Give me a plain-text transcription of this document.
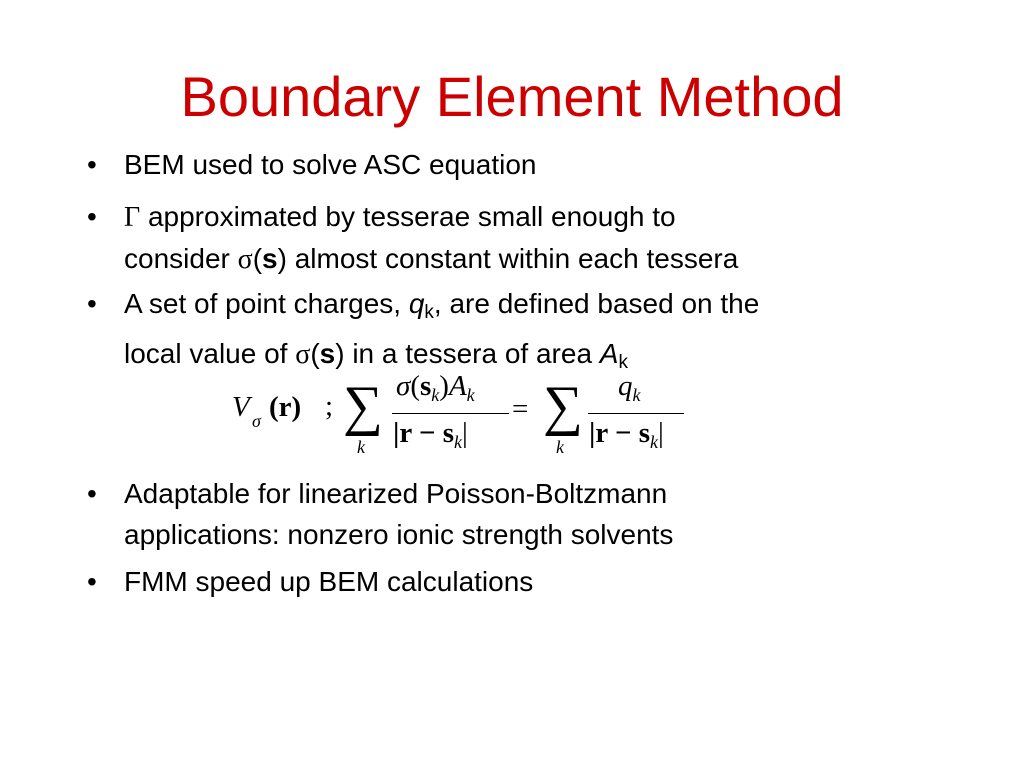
Boundary Element Method
• BEM used to solve ASC equation
• Γ approximated by tesserae small enough to
consider σ(s) almost constant within each tessera
• A set of point charges, $q_k$, are defined based on the
local value of σ(s) in a tessera of area $A_k$
V σ (r) ; ∑
k
$\sigma(s_k)A_k$
$|r - s_k|$
= ∑
k
$q_k$
$|r - s_k|$
• Adaptable for linearized Poisson-Boltzmann
applications: nonzero ionic strength solvents
• FMM speed up BEM calculations
